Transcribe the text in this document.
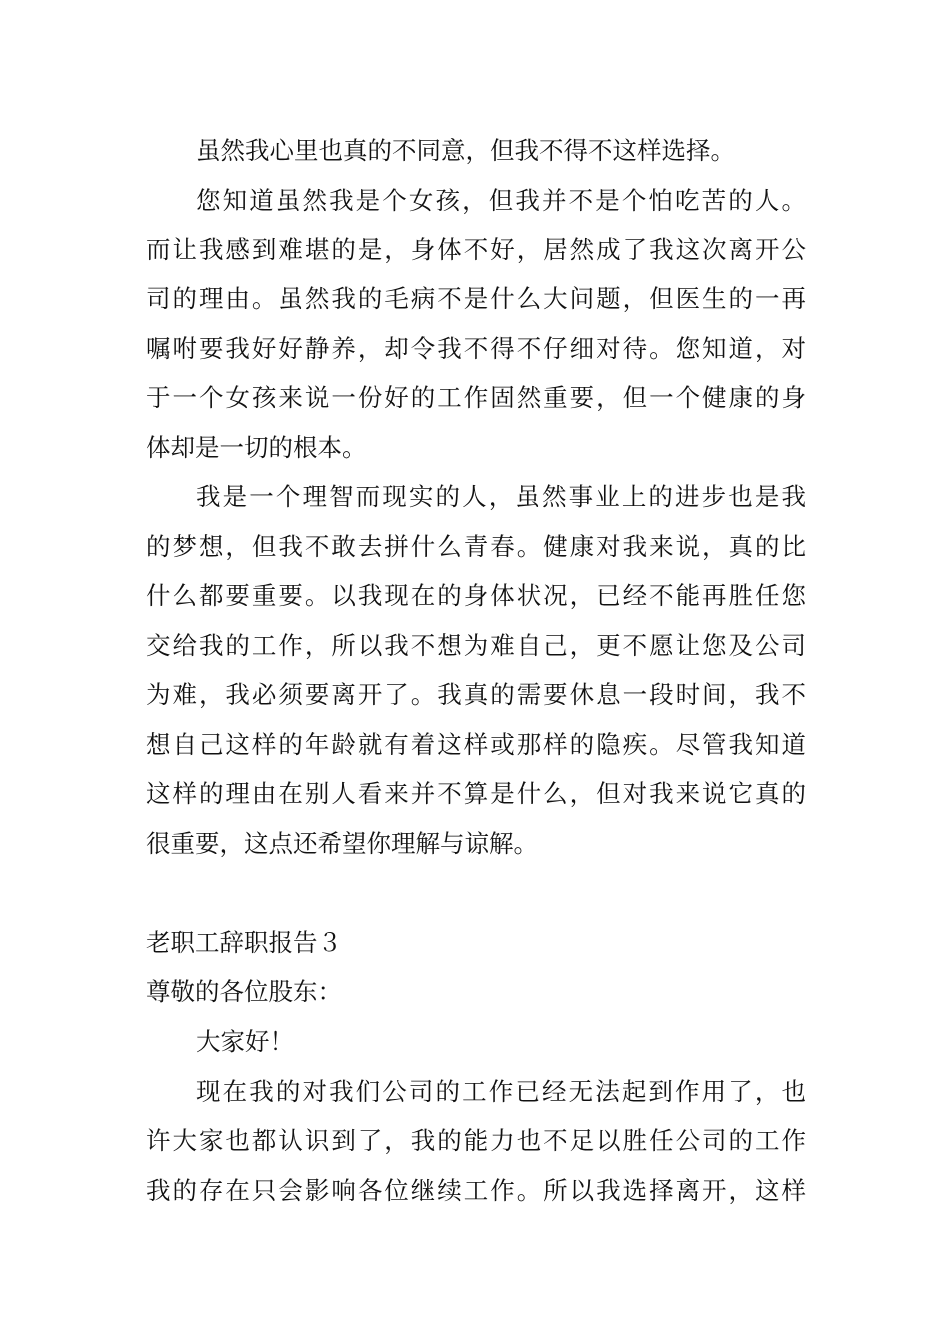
虽然我心里也真的不同意，但我不得不这样选择。
您知道虽然我是个女孩，但我并不是个怕吃苦的人。
而让我感到难堪的是，身体不好，居然成了我这次离开公
司的理由。虽然我的毛病不是什么大问题，但医生的一再
嘱咐要我好好静养，却令我不得不仔细对待。您知道，对
于一个女孩来说一份好的工作固然重要，但一个健康的身
体却是一切的根本。
我是一个理智而现实的人，虽然事业上的进步也是我
的梦想，但我不敢去拼什么青春。健康对我来说，真的比
什么都要重要。以我现在的身体状况，已经不能再胜任您
交给我的工作，所以我不想为难自己，更不愿让您及公司
为难，我必须要离开了。我真的需要休息一段时间，我不
想自己这样的年龄就有着这样或那样的隐疾。尽管我知道
这样的理由在别人看来并不算是什么，但对我来说它真的
很重要，这点还希望你理解与谅解。
老职工辞职报告３
尊敬的各位股东：
大家好！
现在我的对我们公司的工作已经无法起到作用了，也
许大家也都认识到了，我的能力也不足以胜任公司的工作
我的存在只会影响各位继续工作。所以我选择离开，这样
